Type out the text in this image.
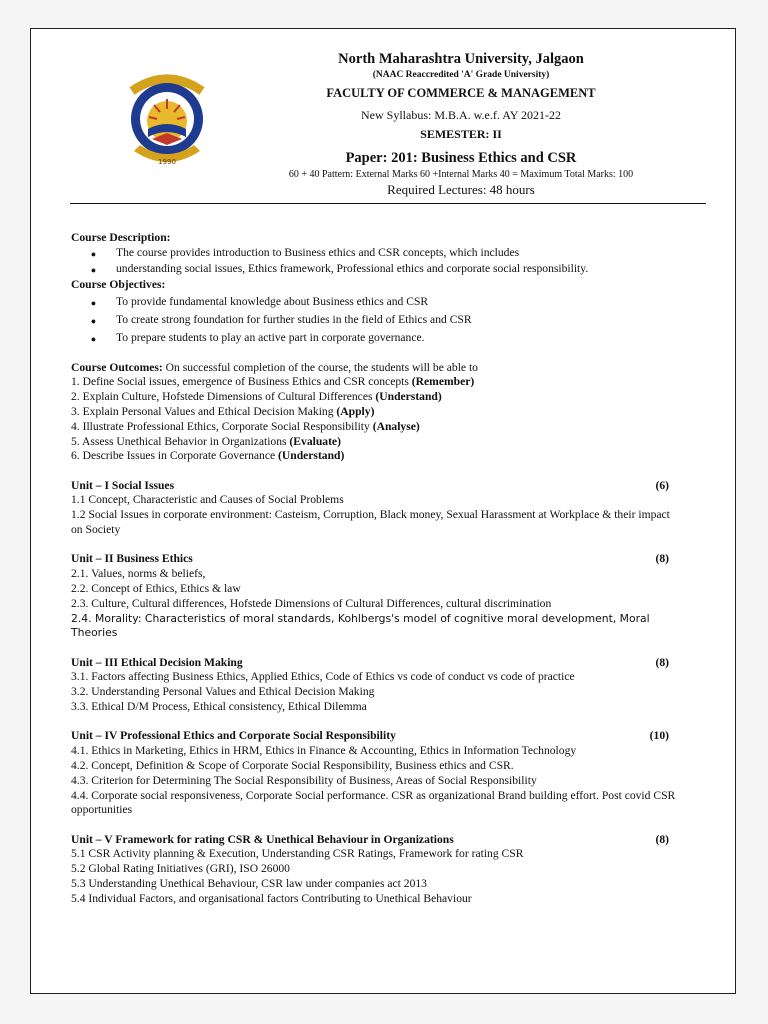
1990
North Maharashtra University, Jalgaon
(NAAC Reaccredited 'A' Grade University)
FACULTY OF COMMERCE & MANAGEMENT
New Syllabus: M.B.A. w.e.f. AY 2021-22
SEMESTER: II
Paper: 201: Business Ethics and CSR
60 + 40 Pattern: External Marks 60 +Internal Marks 40 = Maximum Total Marks: 100
Required Lectures: 48 hours
Course Description:
●	The course provides introduction to Business ethics and CSR concepts, which includes
●	understanding social issues, Ethics framework, Professional ethics and corporate social responsibility.
Course Objectives:
●	To provide fundamental knowledge about Business ethics and CSR
●	To create strong foundation for further studies in the field of Ethics and CSR
●	To prepare students to play an active part in corporate governance.
Course Outcomes: On successful completion of the course, the students will be able to
1. Define Social issues, emergence of Business Ethics and CSR concepts (Remember)
2. Explain Culture, Hofstede Dimensions of Cultural Differences (Understand)
3. Explain Personal Values and Ethical Decision Making (Apply)
4. Illustrate Professional Ethics, Corporate Social Responsibility (Analyse)
5. Assess Unethical Behavior in Organizations (Evaluate)
6. Describe Issues in Corporate Governance (Understand)
Unit – I Social Issues	(6)
1.1 Concept, Characteristic and Causes of Social Problems
1.2 Social Issues in corporate environment: Casteism, Corruption, Black money, Sexual Harassment at Workplace & their impact on Society
Unit – II Business Ethics	(8)
2.1. Values, norms & beliefs,
2.2. Concept of Ethics, Ethics & law
2.3. Culture, Cultural differences, Hofstede Dimensions of Cultural Differences, cultural discrimination
2.4. Morality: Characteristics of moral standards, Kohlbergs's model of cognitive moral development, Moral Theories
Unit – III Ethical Decision Making	(8)
3.1. Factors affecting Business Ethics, Applied Ethics, Code of Ethics vs code of conduct vs code of practice
3.2. Understanding Personal Values and Ethical Decision Making
3.3. Ethical D/M Process, Ethical consistency, Ethical Dilemma
Unit – IV Professional Ethics and Corporate Social Responsibility	(10)
4.1. Ethics in Marketing, Ethics in HRM, Ethics in Finance & Accounting, Ethics in Information Technology
4.2. Concept, Definition & Scope of Corporate Social Responsibility, Business ethics and CSR.
4.3. Criterion for Determining The Social Responsibility of Business, Areas of Social Responsibility
4.4. Corporate social responsiveness, Corporate Social performance. CSR as organizational Brand building effort. Post covid CSR opportunities
Unit – V Framework for rating CSR & Unethical Behaviour in Organizations	(8)
5.1 CSR Activity planning & Execution, Understanding CSR Ratings, Framework for rating CSR
5.2 Global Rating Initiatives (GRI), ISO 26000
5.3 Understanding Unethical Behaviour, CSR law under companies act 2013
5.4 Individual Factors, and organisational factors Contributing to Unethical Behaviour
